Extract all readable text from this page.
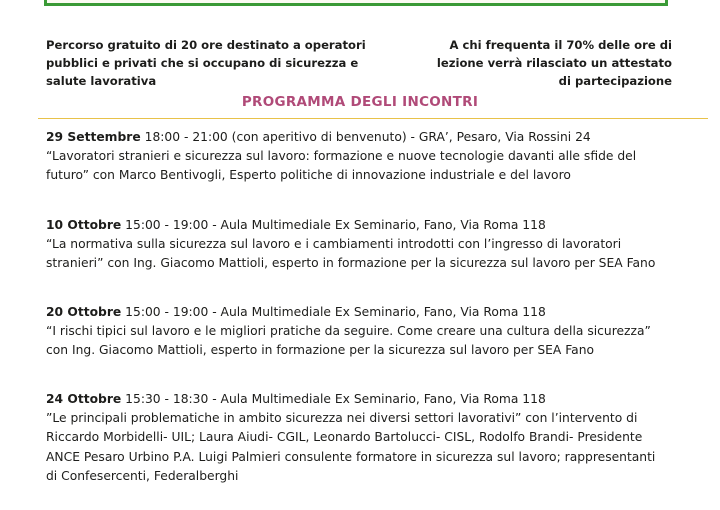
Percorso gratuito di 20 ore destinato a operatori pubblici e privati che si occupano di sicurezza e salute lavorativa
A chi frequenta il 70% delle ore di lezione verrà rilasciato un attestato di partecipazione
PROGRAMMA DEGLI INCONTRI

29 Settembre 18:00 - 21:00 (con aperitivo di benvenuto) - GRA’, Pesaro, Via Rossini 24

“Lavoratori stranieri e sicurezza sul lavoro: formazione e nuove tecnologie davanti alle sfide del futuro” con Marco Bentivogli, Esperto politiche di innovazione industriale e del lavoro

10 Ottobre 15:00 - 19:00 - Aula Multimediale Ex Seminario, Fano, Via Roma 118

“La normativa sulla sicurezza sul lavoro e i cambiamenti introdotti con l’ingresso di lavoratori stranieri” con Ing. Giacomo Mattioli, esperto in formazione per la sicurezza sul lavoro per SEA Fano

20 Ottobre 15:00 - 19:00 - Aula Multimediale Ex Seminario, Fano, Via Roma 118

“I rischi tipici sul lavoro e le migliori pratiche da seguire. Come creare una cultura della sicurezza” con Ing. Giacomo Mattioli, esperto in formazione per la sicurezza sul lavoro per SEA Fano

24 Ottobre 15:30 - 18:30 - Aula Multimediale Ex Seminario, Fano, Via Roma 118

”Le principali problematiche in ambito sicurezza nei diversi settori lavorativi” con l’intervento di Riccardo Morbidelli- UIL; Laura Aiudi- CGIL, Leonardo Bartolucci- CISL, Rodolfo Brandi- Presidente ANCE Pesaro Urbino P.A. Luigi Palmieri consulente formatore in sicurezza sul lavoro; rappresentanti di Confesercenti, Federalberghi
